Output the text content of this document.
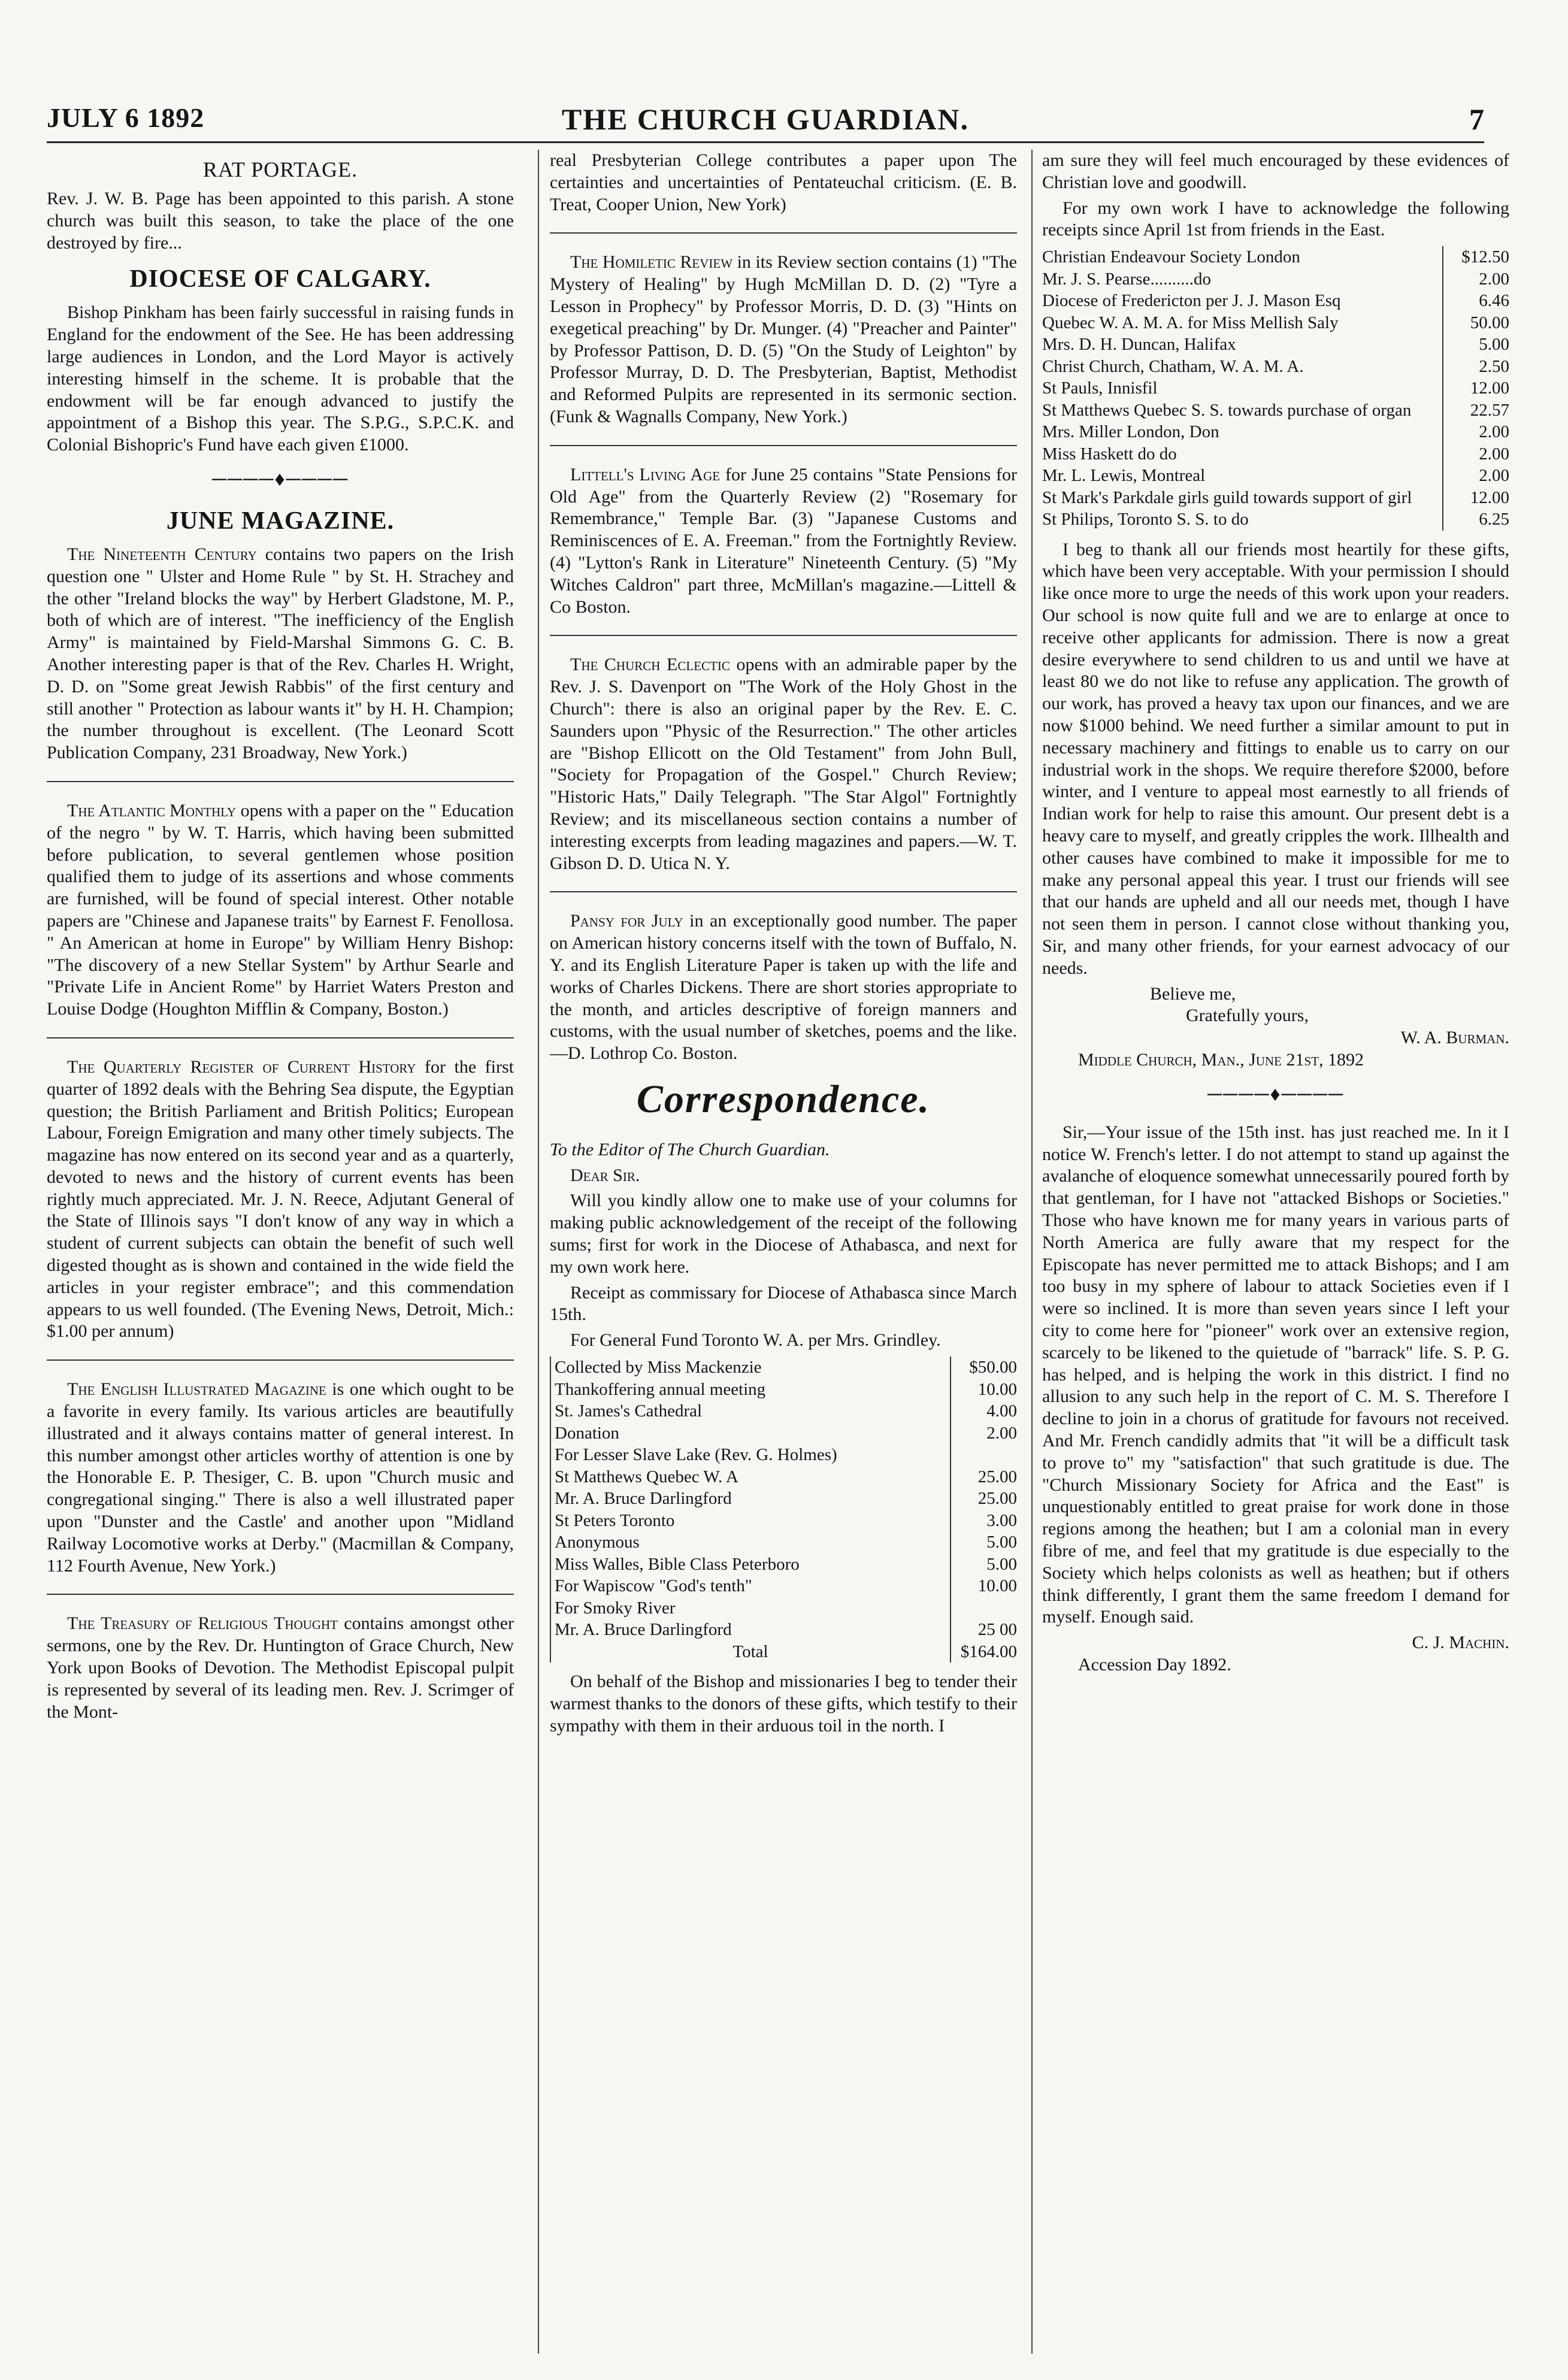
JULY 6 1892	THE CHURCH GUARDIAN.	7
RAT PORTAGE.

Rev. J. W. B. Page has been appointed to this parish. A stone church was built this season, to take the place of the one destroyed by fire...

DIOCESE OF CALGARY.

Bishop Pinkham has been fairly successful in raising funds in England for the endowment of the See. He has been addressing large audiences in London, and the Lord Mayor is actively interesting himself in the scheme. It is probable that the endowment will be far enough advanced to justify the appointment of a Bishop this year. The S.P.G., S.P.C.K. and Colonial Bishopric's Fund have each given £1000.

────♦────
JUNE MAGAZINE.

The Nineteenth Century contains two papers on the Irish question one " Ulster and Home Rule " by St. H. Strachey and the other "Ireland blocks the way" by Herbert Gladstone, M. P., both of which are of interest. "The inefficiency of the English Army" is maintained by Field-Marshal Simmons G. C. B. Another interesting paper is that of the Rev. Charles H. Wright, D. D. on "Some great Jewish Rabbis" of the first century and still another " Protection as labour wants it" by H. H. Champion; the number throughout is excellent. (The Leonard Scott Publication Company, 231 Broadway, New York.)

The Atlantic Monthly opens with a paper on the " Education of the negro " by W. T. Harris, which having been submitted before publication, to several gentlemen whose position qualified them to judge of its assertions and whose comments are furnished, will be found of special interest. Other notable papers are "Chinese and Japanese traits" by Earnest F. Fenollosa. " An American at home in Europe" by William Henry Bishop: "The discovery of a new Stellar System" by Arthur Searle and "Private Life in Ancient Rome" by Harriet Waters Preston and Louise Dodge (Houghton Mifflin & Company, Boston.)

The Quarterly Register of Current History for the first quarter of 1892 deals with the Behring Sea dispute, the Egyptian question; the British Parliament and British Politics; European Labour, Foreign Emigration and many other timely subjects. The magazine has now entered on its second year and as a quarterly, devoted to news and the history of current events has been rightly much appreciated. Mr. J. N. Reece, Adjutant General of the State of Illinois says "I don't know of any way in which a student of current subjects can obtain the benefit of such well digested thought as is shown and contained in the wide field the articles in your register embrace"; and this commendation appears to us well founded. (The Evening News, Detroit, Mich.: $1.00 per annum)

The English Illustrated Magazine is one which ought to be a favorite in every family. Its various articles are beautifully illustrated and it always contains matter of general interest. In this number amongst other articles worthy of attention is one by the Honorable E. P. Thesiger, C. B. upon "Church music and congregational singing." There is also a well illustrated paper upon "Dunster and the Castle' and another upon "Midland Railway Locomotive works at Derby." (Macmillan & Company, 112 Fourth Avenue, New York.)

The Treasury of Religious Thought contains amongst other sermons, one by the Rev. Dr. Huntington of Grace Church, New York upon Books of Devotion. The Methodist Episcopal pulpit is represented by several of its leading men. Rev. J. Scrimger of the Mont-

real Presbyterian College contributes a paper upon The certainties and uncertainties of Pentateuchal criticism. (E. B. Treat, Cooper Union, New York)

The Homiletic Review in its Review section contains (1) "The Mystery of Healing" by Hugh McMillan D. D. (2) "Tyre a Lesson in Prophecy" by Professor Morris, D. D. (3) "Hints on exegetical preaching" by Dr. Munger. (4) "Preacher and Painter" by Professor Pattison, D. D. (5) "On the Study of Leighton" by Professor Murray, D. D. The Presbyterian, Baptist, Methodist and Reformed Pulpits are represented in its sermonic section. (Funk & Wagnalls Company, New York.)

Littell's Living Age for June 25 contains "State Pensions for Old Age" from the Quarterly Review (2) "Rosemary for Remembrance," Temple Bar. (3) "Japanese Customs and Reminiscences of E. A. Freeman." from the Fortnightly Review. (4) "Lytton's Rank in Literature" Nineteenth Century. (5) "My Witches Caldron" part three, McMillan's magazine.—Littell & Co Boston.

The Church Eclectic opens with an admirable paper by the Rev. J. S. Davenport on "The Work of the Holy Ghost in the Church": there is also an original paper by the Rev. E. C. Saunders upon "Physic of the Resurrection." The other articles are "Bishop Ellicott on the Old Testament" from John Bull, "Society for Propagation of the Gospel." Church Review; "Historic Hats," Daily Telegraph. "The Star Algol" Fortnightly Review; and its miscellaneous section contains a number of interesting excerpts from leading magazines and papers.—W. T. Gibson D. D. Utica N. Y.

Pansy for July in an exceptionally good number. The paper on American history concerns itself with the town of Buffalo, N. Y. and its English Literature Paper is taken up with the life and works of Charles Dickens. There are short stories appropriate to the month, and articles descriptive of foreign manners and customs, with the usual number of sketches, poems and the like.—D. Lothrop Co. Boston.

Correspondence.

To the Editor of The Church Guardian.

Dear Sir.

Will you kindly allow one to make use of your columns for making public acknowledgement of the receipt of the following sums; first for work in the Diocese of Athabasca, and next for my own work here.

Receipt as commissary for Diocese of Athabasca since March 15th.

For General Fund Toronto W. A. per Mrs. Grindley.

Collected by Miss Mackenzie	$50.00
Thankoffering annual meeting	10.00
St. James's Cathedral	4.00
Donation	2.00
For Lesser Slave Lake (Rev. G. Holmes)	
St Matthews Quebec W. A	25.00
Mr. A. Bruce Darlingford	25.00
St Peters Toronto	3.00
Anonymous	5.00
Miss Walles, Bible Class Peterboro	5.00
For Wapiscow "God's tenth"	10.00
For Smoky River	
Mr. A. Bruce Darlingford	25 00
Total	$164.00

On behalf of the Bishop and missionaries I beg to tender their warmest thanks to the donors of these gifts, which testify to their sympathy with them in their arduous toil in the north. I

am sure they will feel much encouraged by these evidences of Christian love and goodwill.

For my own work I have to acknowledge the following receipts since April 1st from friends in the East.

Christian Endeavour Society London	$12.50
Mr. J. S. Pearse..........do	2.00
Diocese of Fredericton per J. J. Mason Esq	6.46
Quebec W. A. M. A. for Miss Mellish Saly	50.00
Mrs. D. H. Duncan, Halifax	5.00
Christ Church, Chatham, W. A. M. A.	2.50
St Pauls, Innisfil	12.00
St Matthews Quebec S. S. towards purchase of organ	22.57
Mrs. Miller London, Don	2.00
Miss Haskett do do	2.00
Mr. L. Lewis, Montreal	2.00
St Mark's Parkdale girls guild towards support of girl	12.00
St Philips, Toronto S. S. to do	6.25

I beg to thank all our friends most heartily for these gifts, which have been very acceptable. With your permission I should like once more to urge the needs of this work upon your readers. Our school is now quite full and we are to enlarge at once to receive other applicants for admission. There is now a great desire everywhere to send children to us and until we have at least 80 we do not like to refuse any application. The growth of our work, has proved a heavy tax upon our finances, and we are now $1000 behind. We need further a similar amount to put in necessary machinery and fittings to enable us to carry on our industrial work in the shops. We require therefore $2000, before winter, and I venture to appeal most earnestly to all friends of Indian work for help to raise this amount. Our present debt is a heavy care to myself, and greatly cripples the work. Illhealth and other causes have combined to make it impossible for me to make any personal appeal this year. I trust our friends will see that our hands are upheld and all our needs met, though I have not seen them in person. I cannot close without thanking you, Sir, and many other friends, for your earnest advocacy of our needs.

Believe me,
Gratefully yours,
W. A. Burman.
Middle Church, Man., June 21st, 1892
────♦────

Sir,—Your issue of the 15th inst. has just reached me. In it I notice W. French's letter. I do not attempt to stand up against the avalanche of eloquence somewhat unnecessarily poured forth by that gentleman, for I have not "attacked Bishops or Societies." Those who have known me for many years in various parts of North America are fully aware that my respect for the Episcopate has never permitted me to attack Bishops; and I am too busy in my sphere of labour to attack Societies even if I were so inclined. It is more than seven years since I left your city to come here for "pioneer" work over an extensive region, scarcely to be likened to the quietude of "barrack" life. S. P. G. has helped, and is helping the work in this district. I find no allusion to any such help in the report of C. M. S. Therefore I decline to join in a chorus of gratitude for favours not received. And Mr. French candidly admits that "it will be a difficult task to prove to" my "satisfaction" that such gratitude is due. The "Church Missionary Society for Africa and the East" is unquestionably entitled to great praise for work done in those regions among the heathen; but I am a colonial man in every fibre of me, and feel that my gratitude is due especially to the Society which helps colonists as well as heathen; but if others think differently, I grant them the same freedom I demand for myself. Enough said.

C. J. Machin.
Accession Day 1892.
